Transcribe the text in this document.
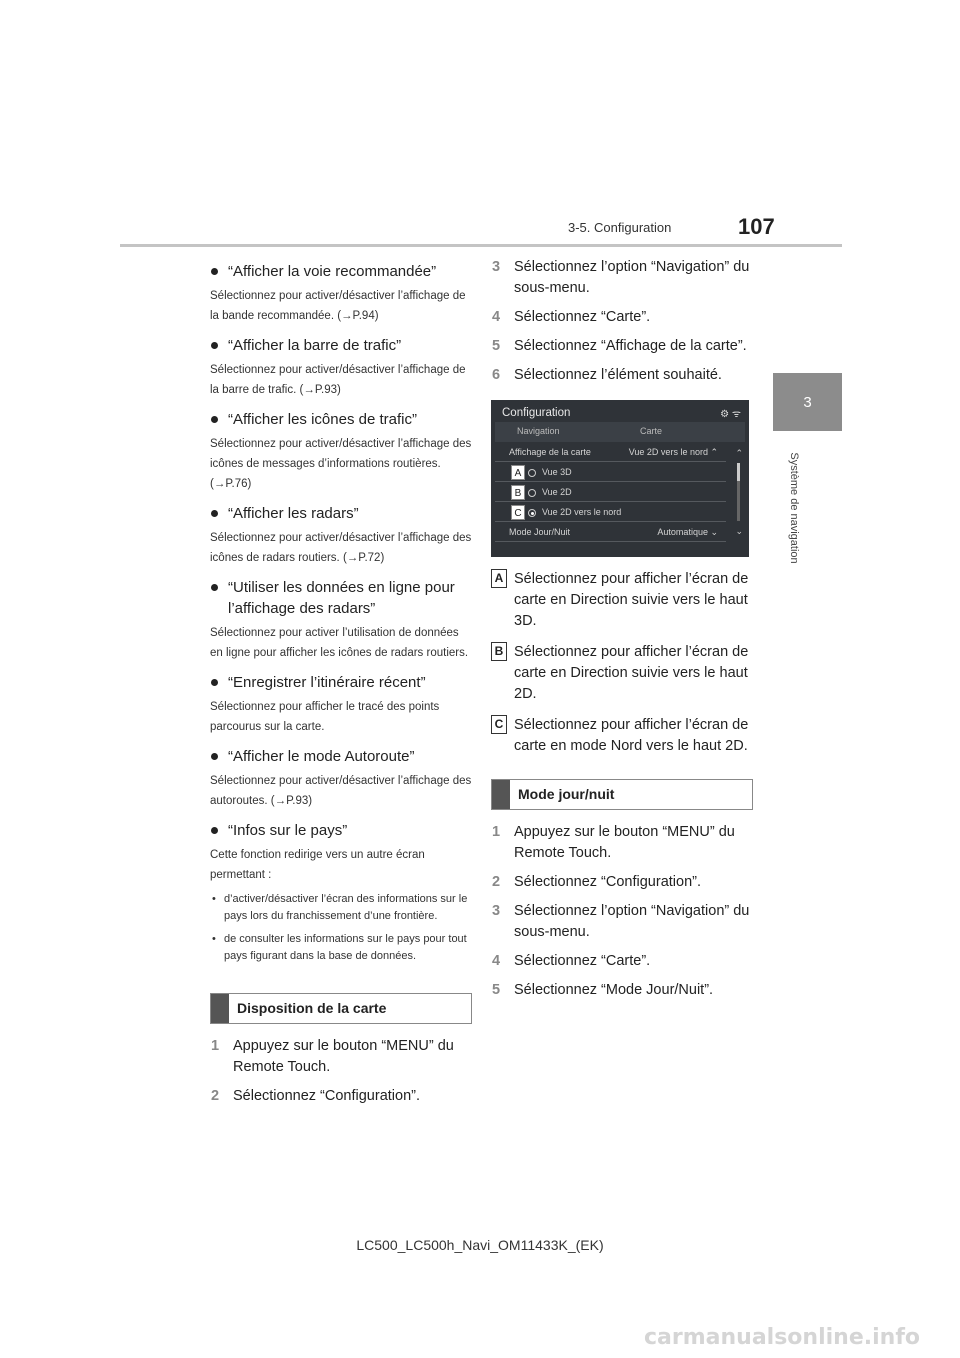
3-5. Configuration	107
3
Système de navigation
“Afficher la voie recommandée”
Sélectionnez pour activer/désactiver l’affichage de la bande recommandée. (→P.94)
“Afficher la barre de trafic”
Sélectionnez pour activer/désactiver l’affichage de la barre de trafic. (→P.93)
“Afficher les icônes de trafic”
Sélectionnez pour activer/désactiver l’affichage des icônes de messages d’informations routières. (→P.76)
“Afficher les radars”
Sélectionnez pour activer/désactiver l’affichage des icônes de radars routiers. (→P.72)
“Utiliser les données en ligne pour l’affichage des radars”
Sélectionnez pour activer l’utilisation de données en ligne pour afficher les icônes de radars routiers.
“Enregistrer l’itinéraire récent”
Sélectionnez pour afficher le tracé des points parcourus sur la carte.
“Afficher le mode Autoroute”
Sélectionnez pour activer/désactiver l’affichage des autoroutes. (→P.93)
“Infos sur le pays”
Cette fonction redirige vers un autre écran permettant :
• d’activer/désactiver l’écran des informations sur le pays lors du franchissement d’une frontière.
• de consulter les informations sur le pays pour tout pays figurant dans la base de données.
Disposition de la carte
1 Appuyez sur le bouton “MENU” du Remote Touch.
2 Sélectionnez “Configuration”.
3 Sélectionnez l’option “Navigation” du sous-menu.
4 Sélectionnez “Carte”.
5 Sélectionnez “Affichage de la carte”.
6 Sélectionnez l’élément souhaité.
Configuration	⚙ ᯤ
Navigation	Carte
Affichage de la carte	Vue 2D vers le nord ⌃
A	Vue 3D
B	Vue 2D
C	Vue 2D vers le nord
Mode Jour/Nuit	Automatique ⌄
⌃
⌄
A Sélectionnez pour afficher l’écran de carte en Direction suivie vers le haut 3D.
B Sélectionnez pour afficher l’écran de carte en Direction suivie vers le haut 2D.
C Sélectionnez pour afficher l’écran de carte en mode Nord vers le haut 2D.
Mode jour/nuit
1 Appuyez sur le bouton “MENU” du Remote Touch.
2 Sélectionnez “Configuration”.
3 Sélectionnez l’option “Navigation” du sous-menu.
4 Sélectionnez “Carte”.
5 Sélectionnez “Mode Jour/Nuit”.
LC500_LC500h_Navi_OM11433K_(EK)
carmanualsonline.info
